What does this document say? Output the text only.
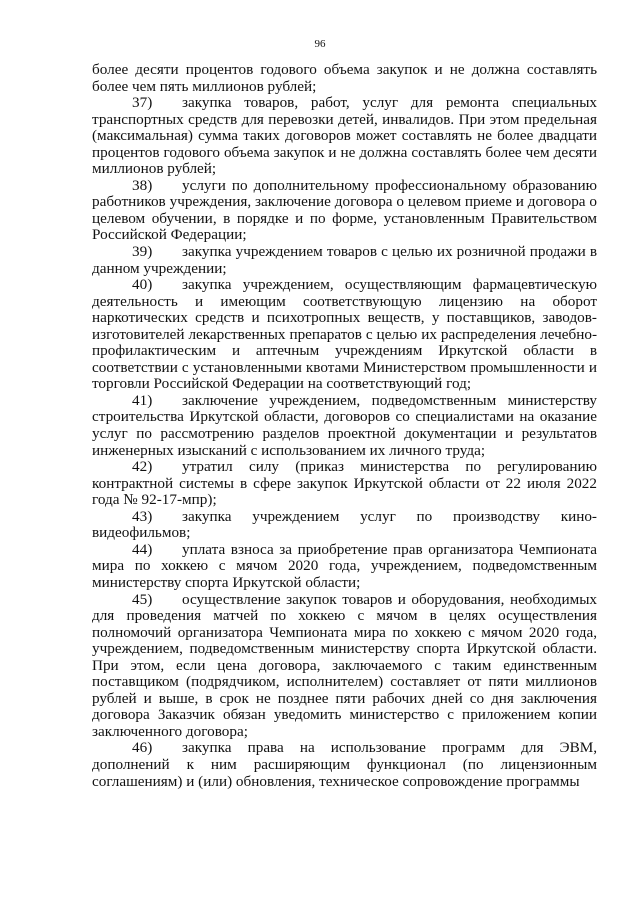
96

более десяти процентов годового объема закупок и не должна составлять более чем пять миллионов рублей;

37) закупка товаров, работ, услуг для ремонта специальных транспортных средств для перевозки детей, инвалидов. При этом предельная (максимальная) сумма таких договоров может составлять не более двадцати процентов годового объема закупок и не должна составлять более чем десяти миллионов рублей;

38) услуги по дополнительному профессиональному образованию работников учреждения, заключение договора о целевом приеме и договора о целевом обучении, в порядке и по форме, установленным Правительством Российской Федерации;

39) закупка учреждением товаров с целью их розничной продажи в данном учреждении;

40) закупка учреждением, осуществляющим фармацевтическую деятельность и имеющим соответствующую лицензию на оборот наркотических средств и психотропных веществ, у поставщиков, заводов-изготовителей лекарственных препаратов с целью их распределения лечебно-профилактическим и аптечным учреждениям Иркутской области в соответствии с установленными квотами Министерством промышленности и торговли Российской Федерации на соответствующий год;

41) заключение учреждением, подведомственным министерству строительства Иркутской области, договоров со специалистами на оказание услуг по рассмотрению разделов проектной документации и результатов инженерных изысканий с использованием их личного труда;

42) утратил силу (приказ министерства по регулированию контрактной системы в сфере закупок Иркутской области от 22 июля 2022 года № 92-17-мпр);

43) закупка учреждением услуг по производству кино-видеофильмов;

44) уплата взноса за приобретение прав организатора Чемпионата мира по хоккею с мячом 2020 года, учреждением, подведомственным министерству спорта Иркутской области;

45) осуществление закупок товаров и оборудования, необходимых для проведения матчей по хоккею с мячом в целях осуществления полномочий организатора Чемпионата мира по хоккею с мячом 2020 года, учреждением, подведомственным министерству спорта Иркутской области. При этом, если цена договора, заключаемого с таким единственным поставщиком (подрядчиком, исполнителем) составляет от пяти миллионов рублей и выше, в срок не позднее пяти рабочих дней со дня заключения договора Заказчик обязан уведомить министерство с приложением копии заключенного договора;

46) закупка права на использование программ для ЭВМ, дополнений к ним расширяющим функционал (по лицензионным соглашениям) и (или) обновления, техническое сопровождение программы
